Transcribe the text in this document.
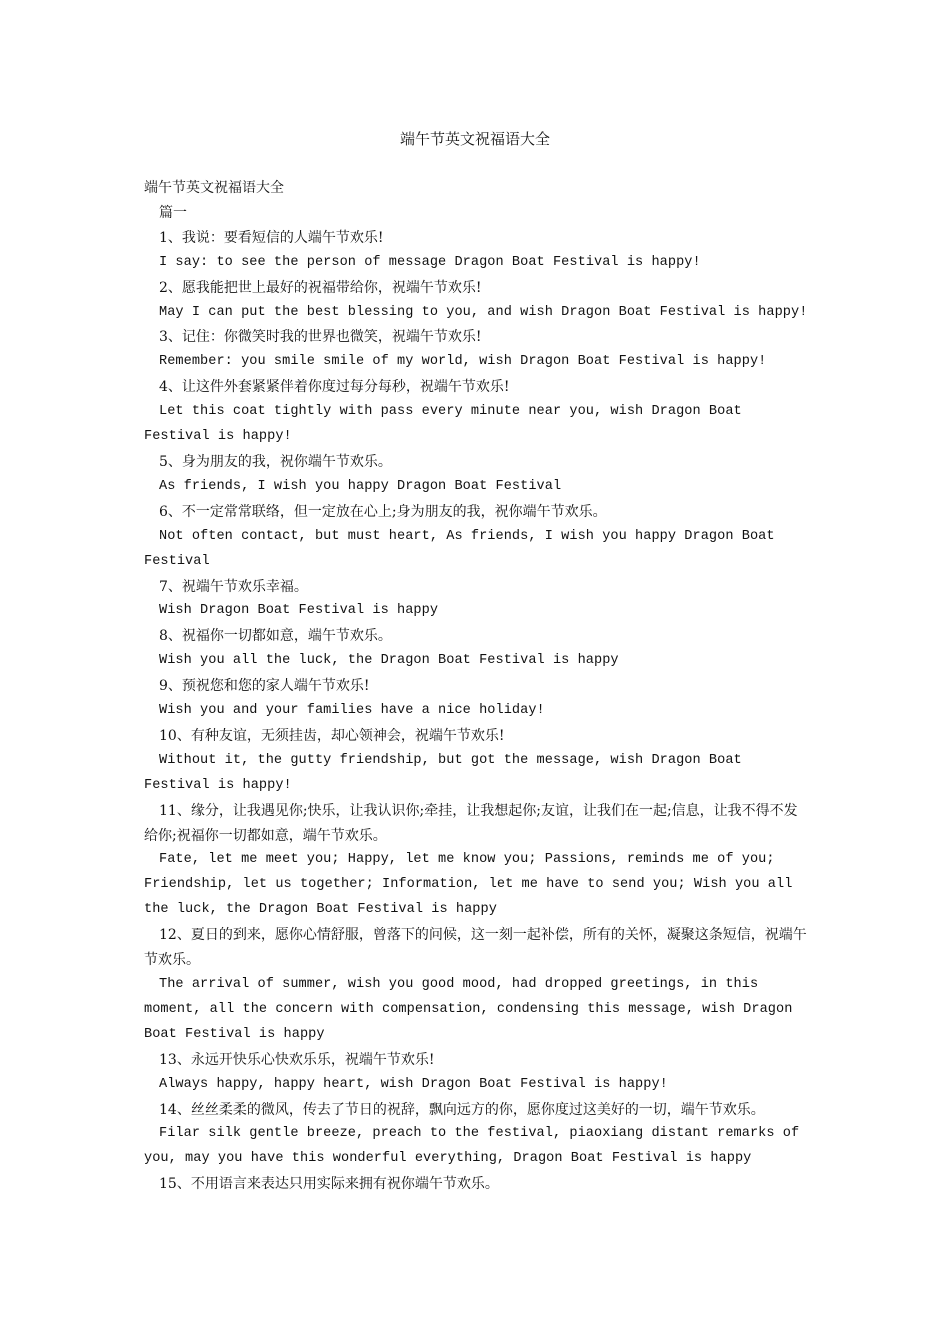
端午节英文祝福语大全

端午节英文祝福语大全

篇一

1、我说：要看短信的人端午节欢乐!

I say: to see the person of message Dragon Boat Festival is happy!

2、愿我能把世上最好的祝福带给你，祝端午节欢乐!

May I can put the best blessing to you, and wish Dragon Boat Festival is happy!

3、记住：你微笑时我的世界也微笑，祝端午节欢乐!

Remember: you smile smile of my world, wish Dragon Boat Festival is happy!

4、让这件外套紧紧伴着你度过每分每秒，祝端午节欢乐!

Let this coat tightly with pass every minute near you, wish Dragon Boat Festival is happy!

5、身为朋友的我，祝你端午节欢乐。

As friends, I wish you happy Dragon Boat Festival

6、不一定常常联络，但一定放在心上;身为朋友的我，祝你端午节欢乐。

Not often contact, but must heart, As friends, I wish you happy Dragon Boat Festival

7、祝端午节欢乐幸福。

Wish Dragon Boat Festival is happy

8、祝福你一切都如意，端午节欢乐。

Wish you all the luck, the Dragon Boat Festival is happy

9、预祝您和您的家人端午节欢乐!

Wish you and your families have a nice holiday!

10、有种友谊，无须挂齿，却心领神会，祝端午节欢乐!

Without it, the gutty friendship, but got the message, wish Dragon Boat Festival is happy!

11、缘分，让我遇见你;快乐，让我认识你;牵挂，让我想起你;友谊，让我们在一起;信息，让我不得不发给你;祝福你一切都如意，端午节欢乐。

Fate, let me meet you; Happy, let me know you; Passions, reminds me of you; Friendship, let us together; Information, let me have to send you; Wish you all the luck, the Dragon Boat Festival is happy

12、夏日的到来，愿你心情舒服，曾落下的问候，这一刻一起补偿，所有的关怀，凝聚这条短信，祝端午节欢乐。

The arrival of summer, wish you good mood, had dropped greetings, in this moment, all the concern with compensation, condensing this message, wish Dragon Boat Festival is happy

13、永远开快乐心快欢乐乐，祝端午节欢乐!

Always happy, happy heart, wish Dragon Boat Festival is happy!

14、丝丝柔柔的微风，传去了节日的祝辞，飘向远方的你，愿你度过这美好的一切，端午节欢乐。

Filar silk gentle breeze, preach to the festival, piaoxiang distant remarks of you, may you have this wonderful everything, Dragon Boat Festival is happy

15、不用语言来表达只用实际来拥有祝你端午节欢乐。
